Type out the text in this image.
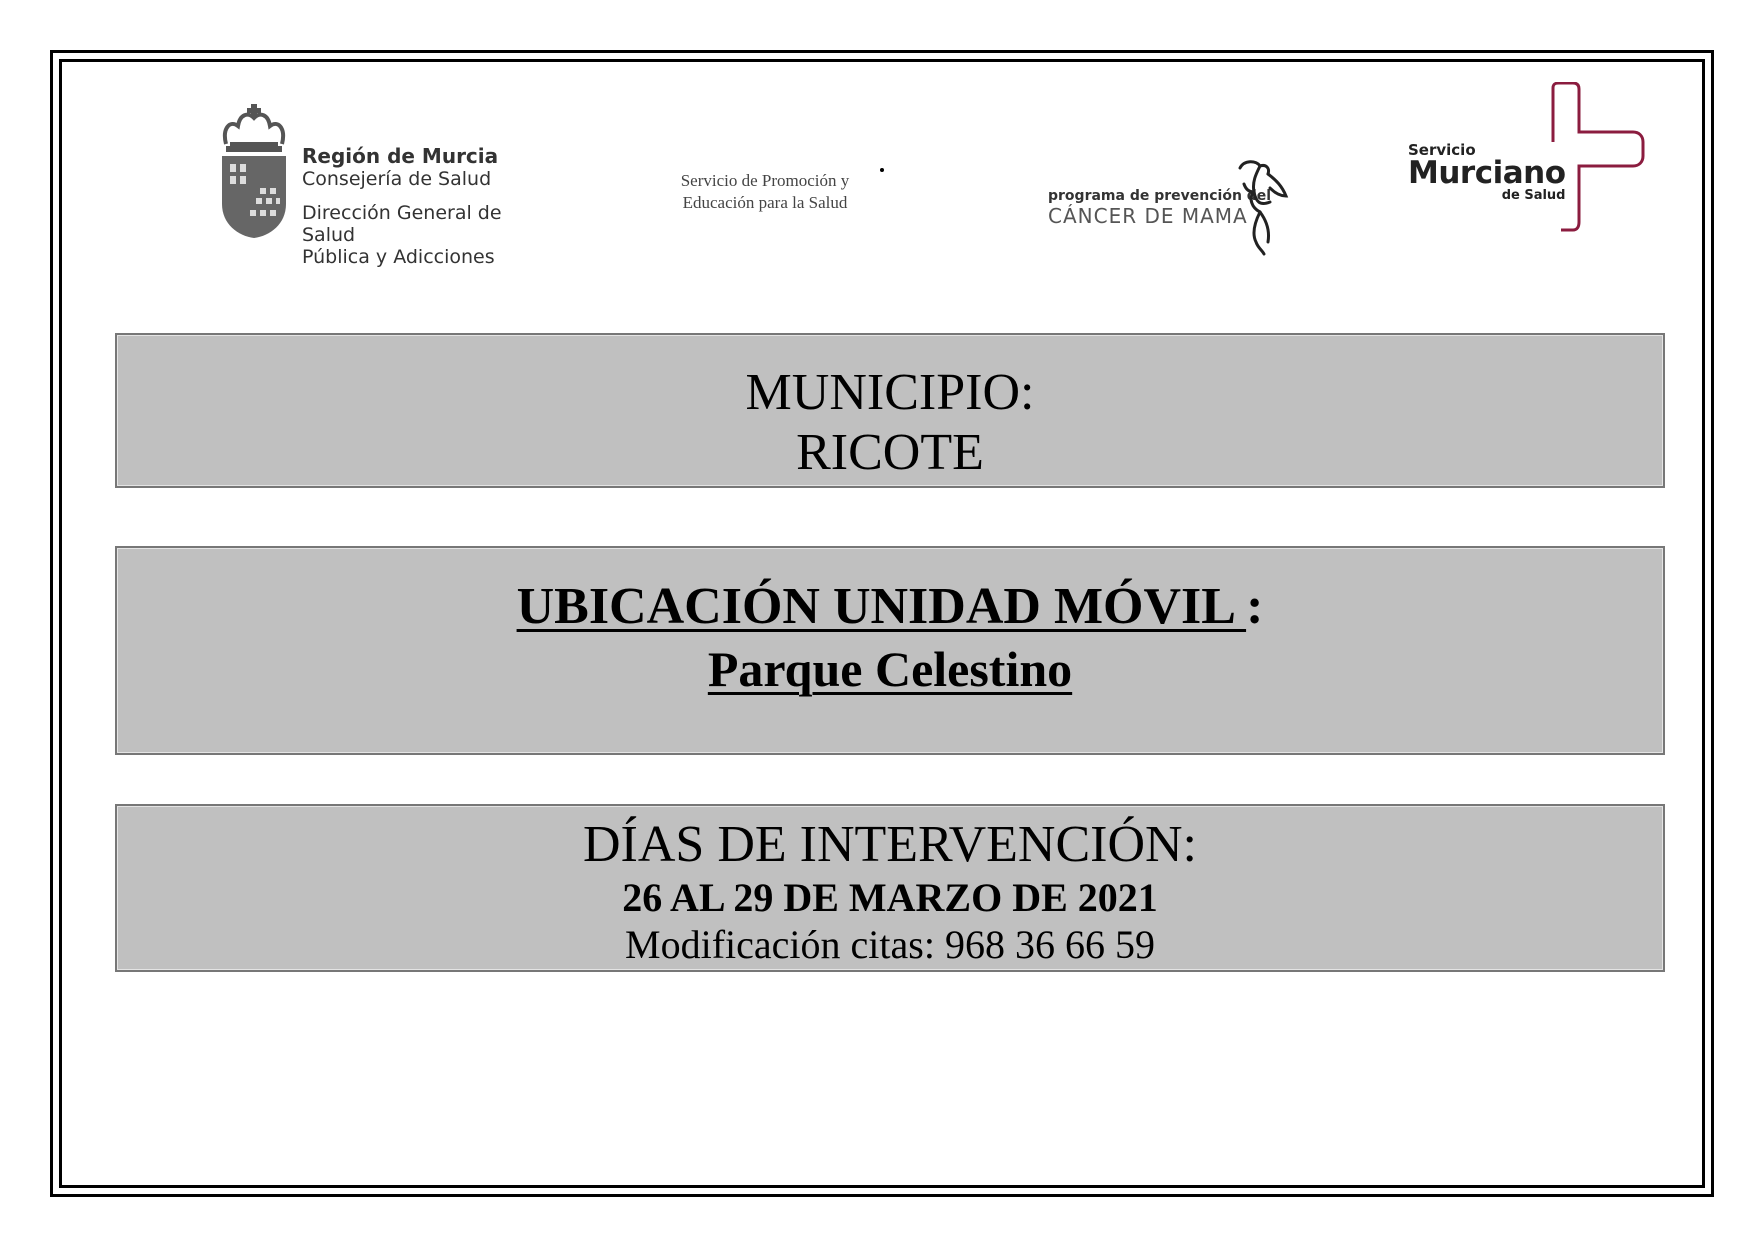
Región de Murcia
Consejería de Salud
Dirección General de Salud
Pública y Adicciones
Servicio de Promoción y
Educación para la Salud	programa de prevención del
CÁNCER DE MAMA
Servicio
Murciano
de Salud
MUNICIPIO:
RICOTE
UBICACIÓN UNIDAD MÓVIL :
Parque Celestino
DÍAS DE INTERVENCIÓN:
26 AL 29 DE MARZO DE 2021
Modificación citas: 968 36 66 59
